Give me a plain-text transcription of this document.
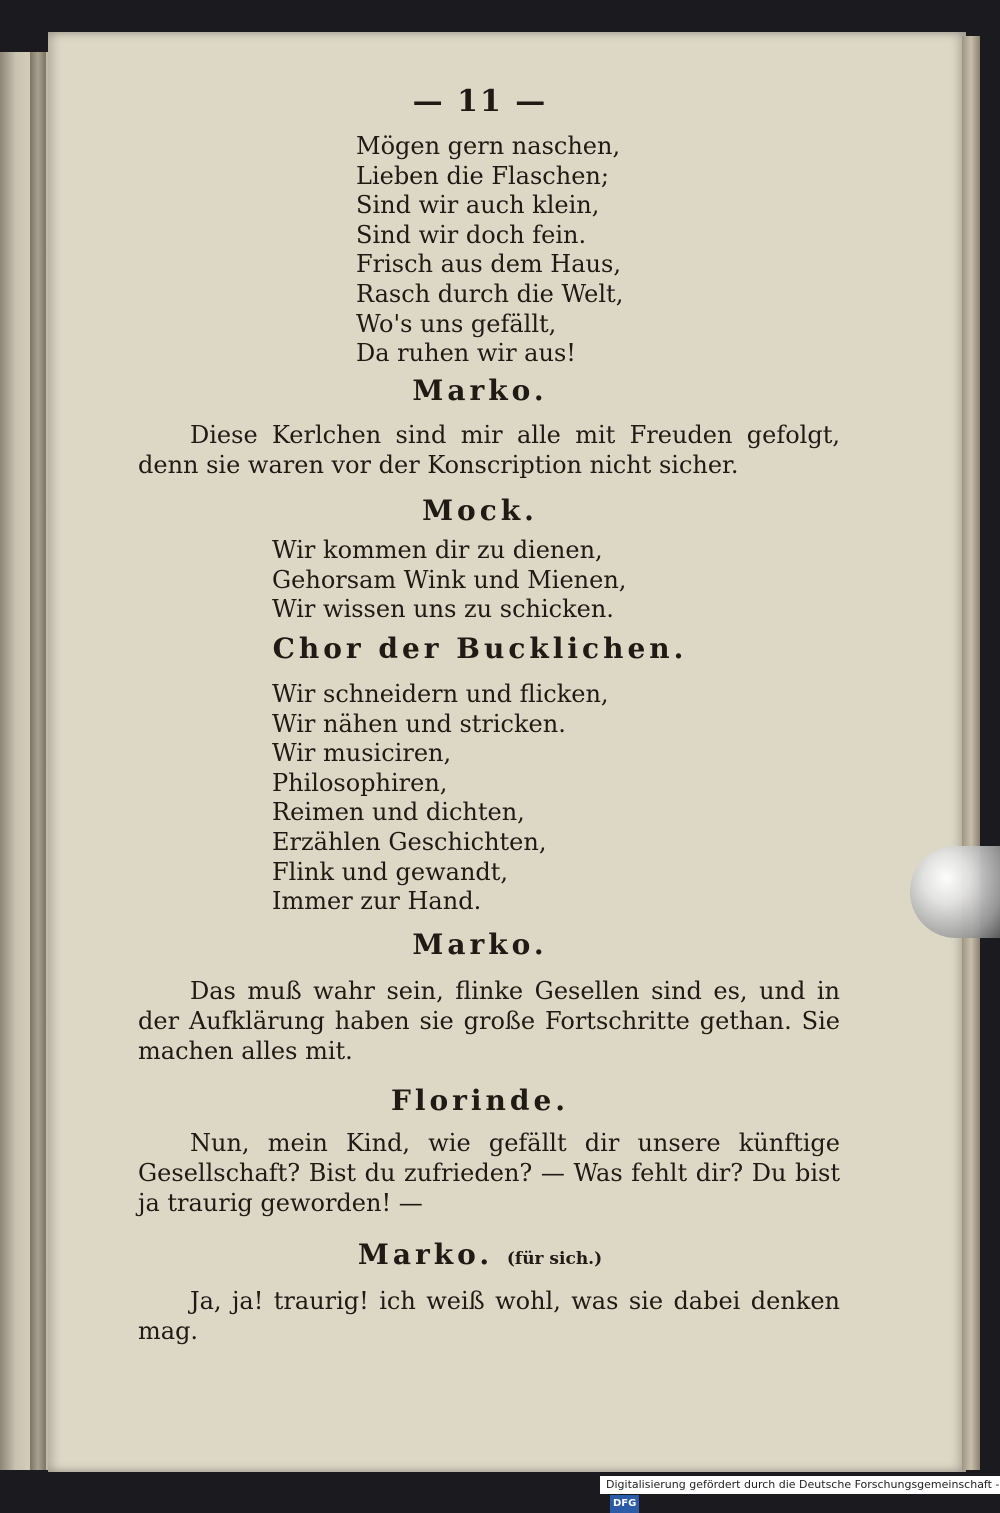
— 11 —
Mögen gern naschen,
Lieben die Flaschen;
Sind wir auch klein,
Sind wir doch fein.
Frisch aus dem Haus,
Rasch durch die Welt,
Wo's uns gefällt,
Da ruhen wir aus!
Marko.
Diese Kerlchen sind mir alle mit Freuden gefolgt, denn sie waren vor der Konscription nicht sicher.
Mock.
Wir kommen dir zu dienen,
Gehorsam Wink und Mienen,
Wir wissen uns zu schicken.
Chor der Bucklichen.
Wir schneidern und flicken,
Wir nähen und stricken.
Wir musiciren,
Philosophiren,
Reimen und dichten,
Erzählen Geschichten,
Flink und gewandt,
Immer zur Hand.
Marko.
Das muß wahr sein, flinke Gesellen sind es, und in der Aufklärung haben sie große Fortschritte gethan. Sie machen alles mit.
Florinde.
Nun, mein Kind, wie gefällt dir unsere künftige Gesellschaft? Bist du zufrieden? — Was fehlt dir? Du bist ja traurig geworden! —
Marko. (für sich.)
Ja, ja! traurig! ich weiß wohl, was sie dabei denken mag.
Digitalisierung gefördert durch die Deutsche Forschungsgemeinschaft -DFG
